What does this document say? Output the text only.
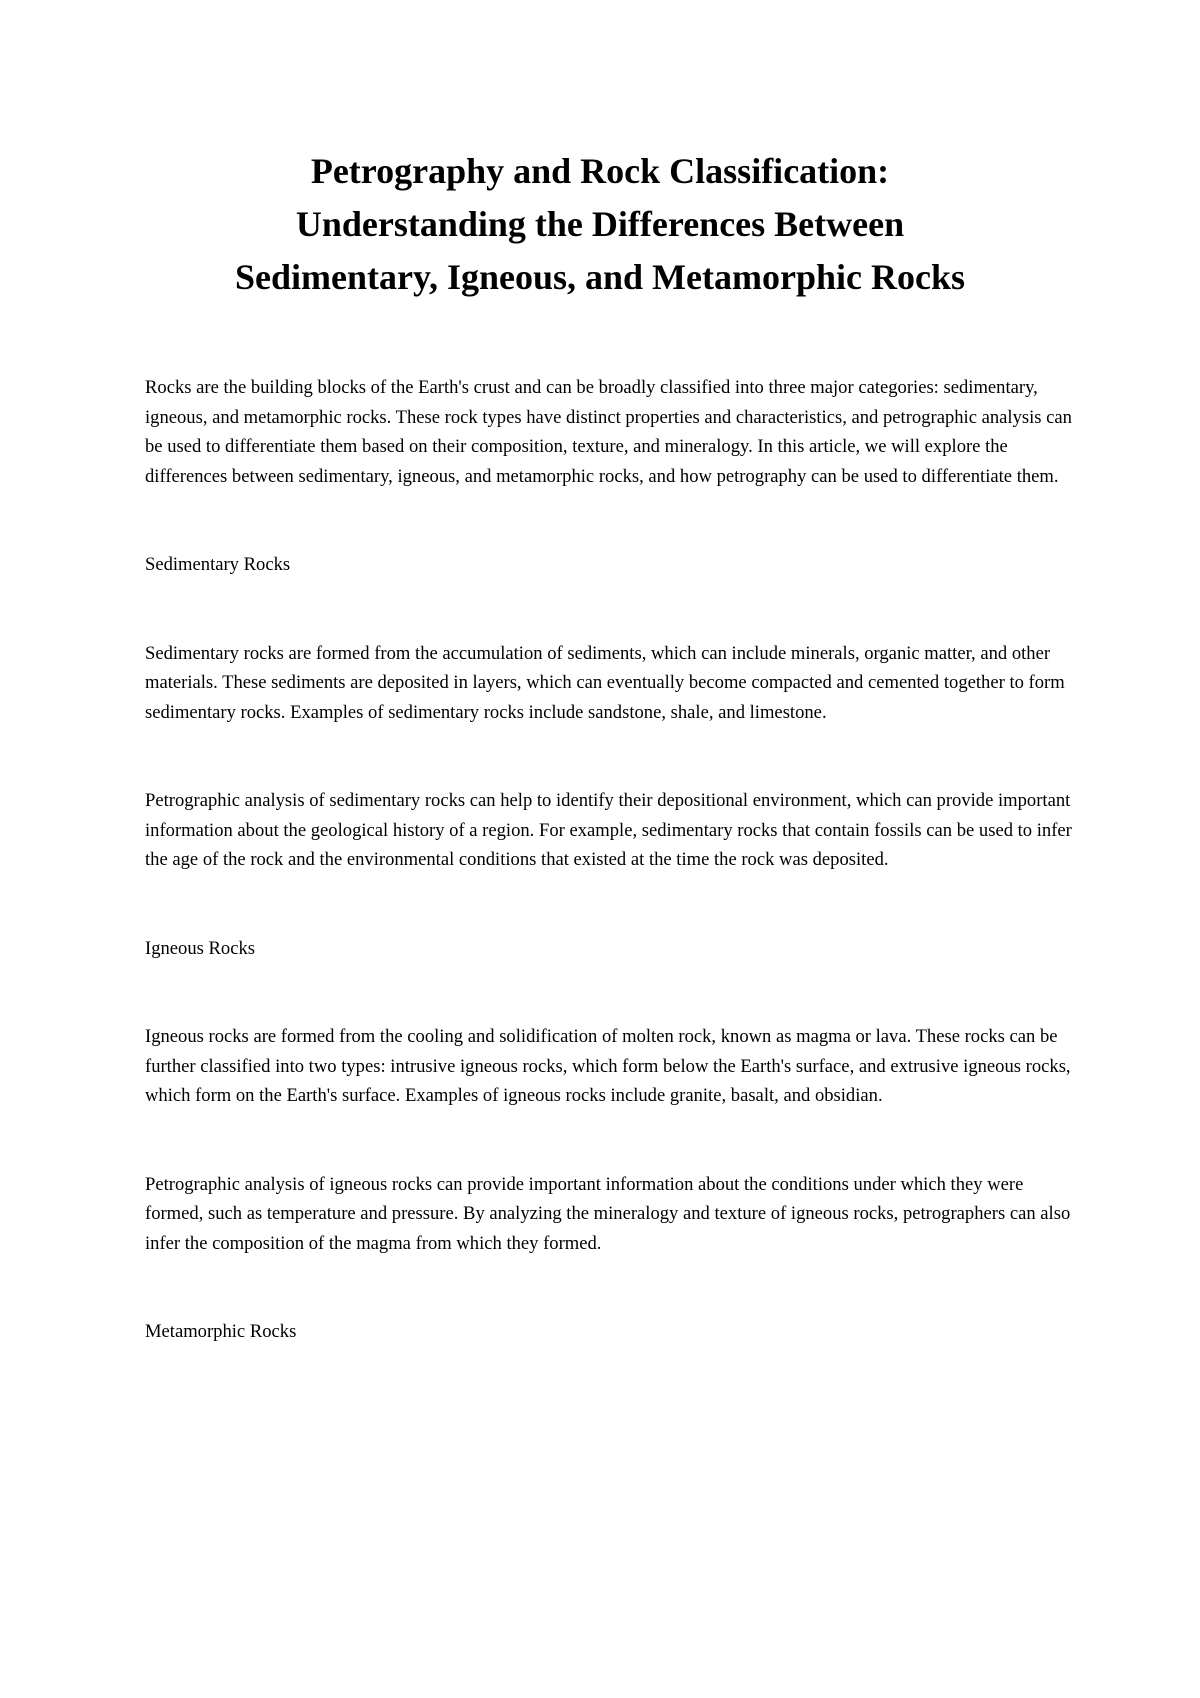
Petrography and Rock Classification:
Understanding the Differences Between
Sedimentary, Igneous, and Metamorphic Rocks

Rocks are the building blocks of the Earth's crust and can be broadly classified into three major categories: sedimentary, igneous, and metamorphic rocks. These rock types have distinct properties and characteristics, and petrographic analysis can be used to differentiate them based on their composition, texture, and mineralogy. In this article, we will explore the differences between sedimentary, igneous, and metamorphic rocks, and how petrography can be used to differentiate them.

Sedimentary Rocks

Sedimentary rocks are formed from the accumulation of sediments, which can include minerals, organic matter, and other materials. These sediments are deposited in layers, which can eventually become compacted and cemented together to form sedimentary rocks. Examples of sedimentary rocks include sandstone, shale, and limestone.

Petrographic analysis of sedimentary rocks can help to identify their depositional environment, which can provide important information about the geological history of a region. For example, sedimentary rocks that contain fossils can be used to infer the age of the rock and the environmental conditions that existed at the time the rock was deposited.

Igneous Rocks

Igneous rocks are formed from the cooling and solidification of molten rock, known as magma or lava. These rocks can be further classified into two types: intrusive igneous rocks, which form below the Earth's surface, and extrusive igneous rocks, which form on the Earth's surface. Examples of igneous rocks include granite, basalt, and obsidian.

Petrographic analysis of igneous rocks can provide important information about the conditions under which they were formed, such as temperature and pressure. By analyzing the mineralogy and texture of igneous rocks, petrographers can also infer the composition of the magma from which they formed.

Metamorphic Rocks
